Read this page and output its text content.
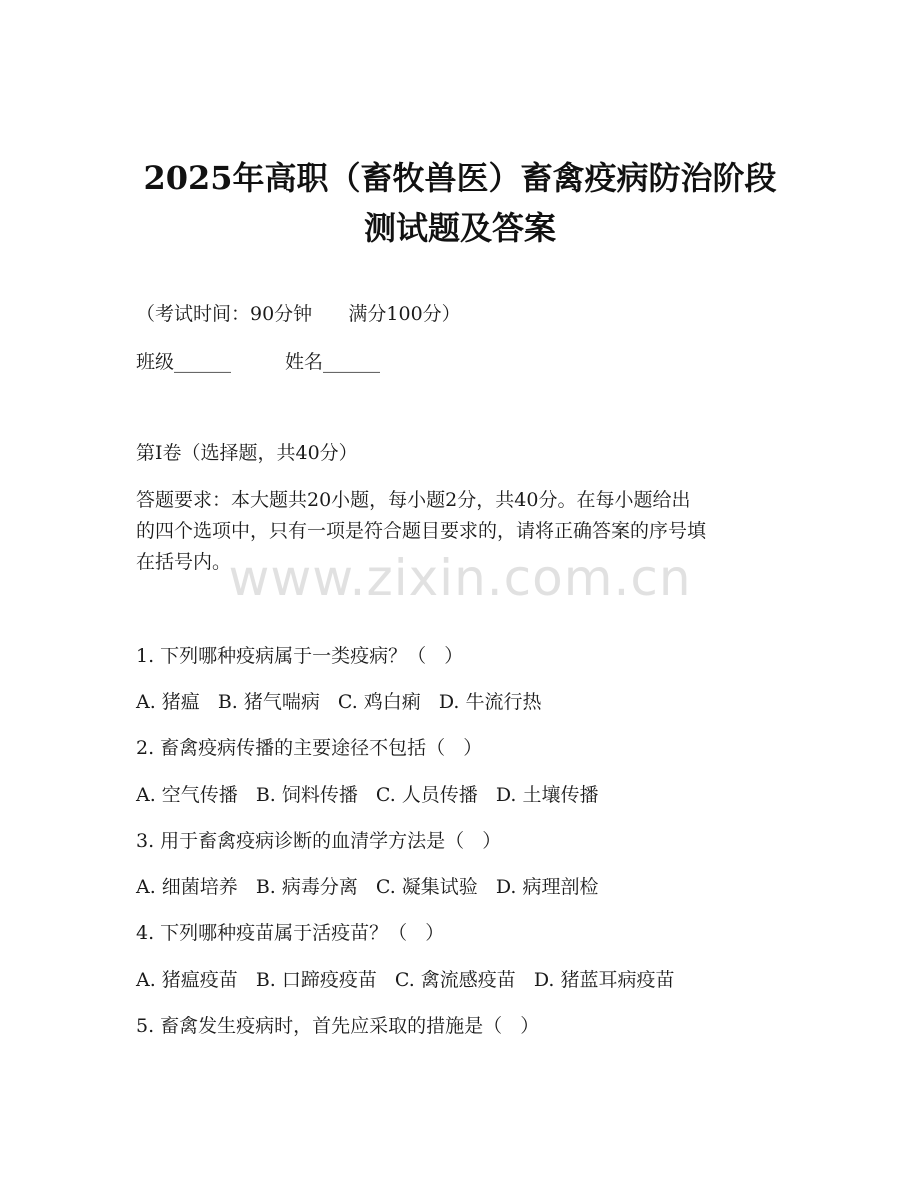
2025年高职（畜牧兽医）畜禽疫病防治阶段
测试题及答案
（考试时间：90分钟      满分100分）
班级______	姓名______
第I卷（选择题，共40分）
答题要求：本大题共20小题，每小题2分，共40分。在每小题给出
的四个选项中，只有一项是符合题目要求的，请将正确答案的序号填
在括号内。
www.zixin.com.cn
1. 下列哪种疫病属于一类疫病？（   ）
A. 猪瘟 B. 猪气喘病 C. 鸡白痢 D. 牛流行热
2. 畜禽疫病传播的主要途径不包括（   ）
A. 空气传播 B. 饲料传播 C. 人员传播 D. 土壤传播
3. 用于畜禽疫病诊断的血清学方法是（   ）
A. 细菌培养 B. 病毒分离 C. 凝集试验 D. 病理剖检
4. 下列哪种疫苗属于活疫苗？（   ）
A. 猪瘟疫苗 B. 口蹄疫疫苗 C. 禽流感疫苗 D. 猪蓝耳病疫苗
5. 畜禽发生疫病时，首先应采取的措施是（   ）
